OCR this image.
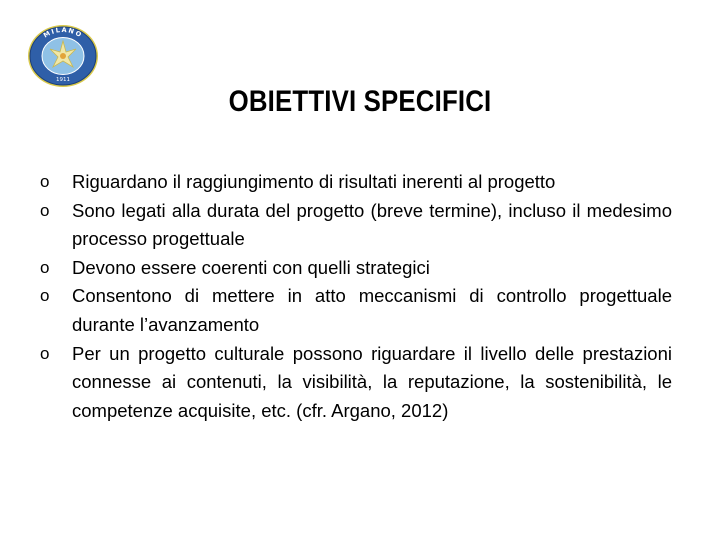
MILANO
1911
OBIETTIVI SPECIFICI
o Riguardano il raggiungimento di risultati inerenti al progetto
o Sono legati alla durata del progetto (breve termine), incluso il medesimo processo progettuale
o Devono essere coerenti con quelli strategici
o Consentono di mettere in atto meccanismi di controllo progettuale durante l’avanzamento
o Per un progetto culturale possono riguardare il livello delle prestazioni connesse ai contenuti, la visibilità, la reputazione, la sostenibilità, le competenze acquisite, etc. (cfr. Argano, 2012)
